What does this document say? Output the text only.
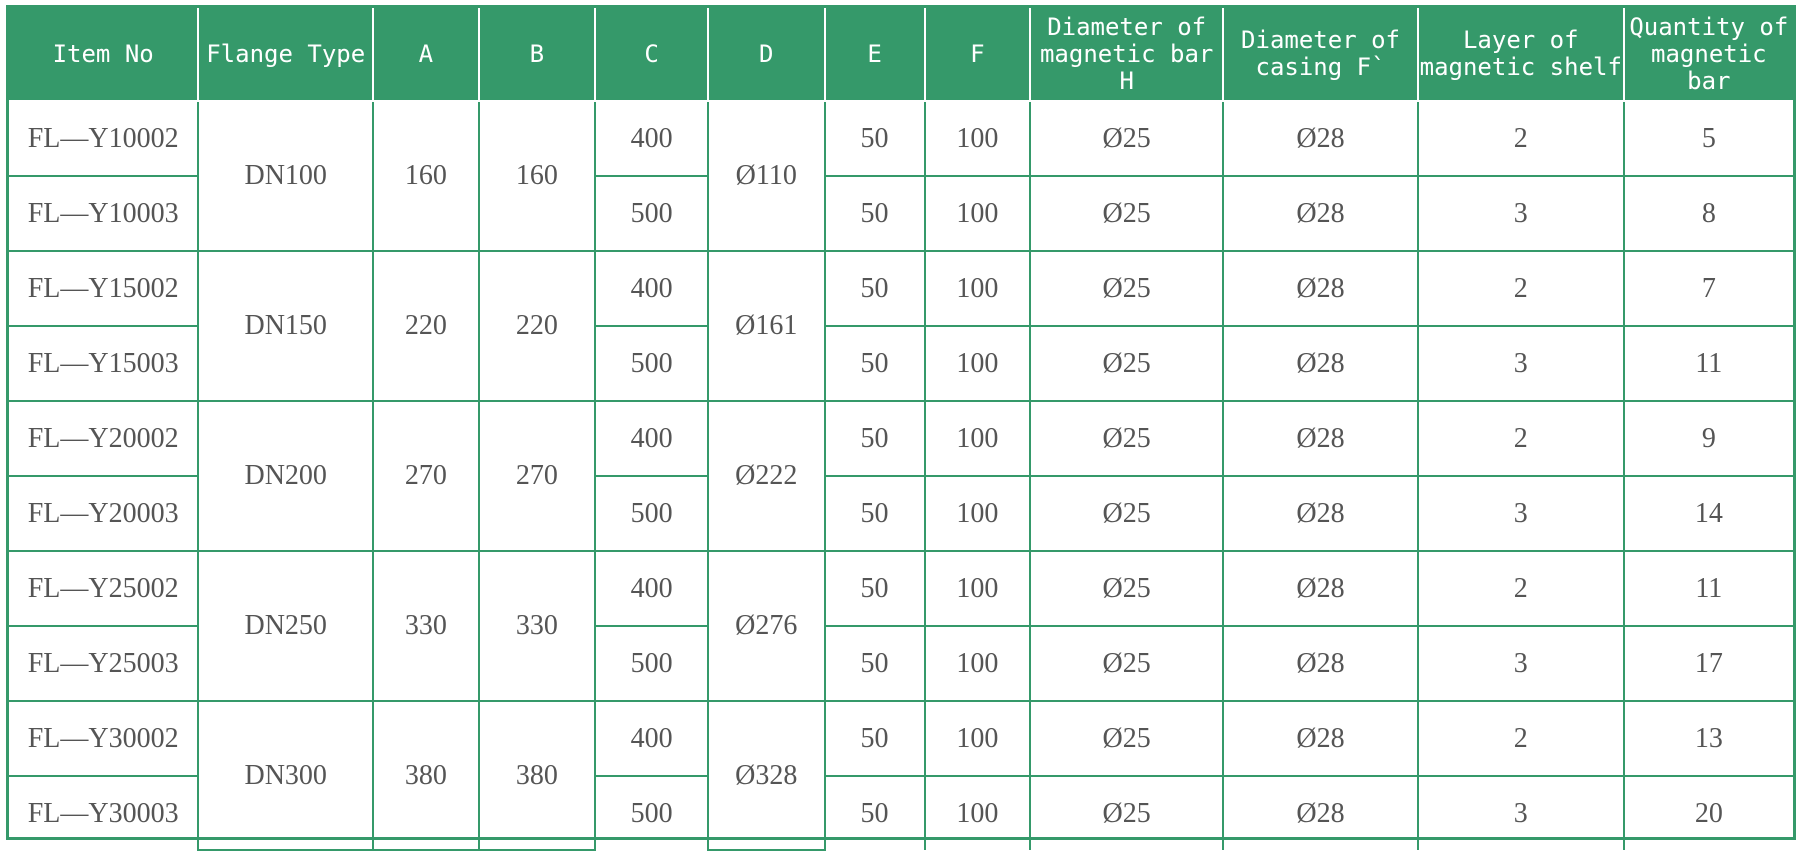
Item No	Flange Type	A	B	C	D	E	F	Diameter of magnetic bar H	Diameter of casing F`	Layer of magnetic shelf	Quantity of magnetic bar
FL—Y10002	DN100	160	160	400	Ø110	50	100	Ø25	Ø28	2	5
FL—Y10003				500		50	100	Ø25	Ø28	3	8
FL—Y15002	DN150	220	220	400	Ø161	50	100	Ø25	Ø28	2	7
FL—Y15003				500		50	100	Ø25	Ø28	3	11
FL—Y20002	DN200	270	270	400	Ø222	50	100	Ø25	Ø28	2	9
FL—Y20003				500		50	100	Ø25	Ø28	3	14
FL—Y25002	DN250	330	330	400	Ø276	50	100	Ø25	Ø28	2	11
FL—Y25003				500		50	100	Ø25	Ø28	3	17
FL—Y30002	DN300	380	380	400	Ø328	50	100	Ø25	Ø28	2	13
FL—Y30003				500		50	100	Ø25	Ø28	3	20
